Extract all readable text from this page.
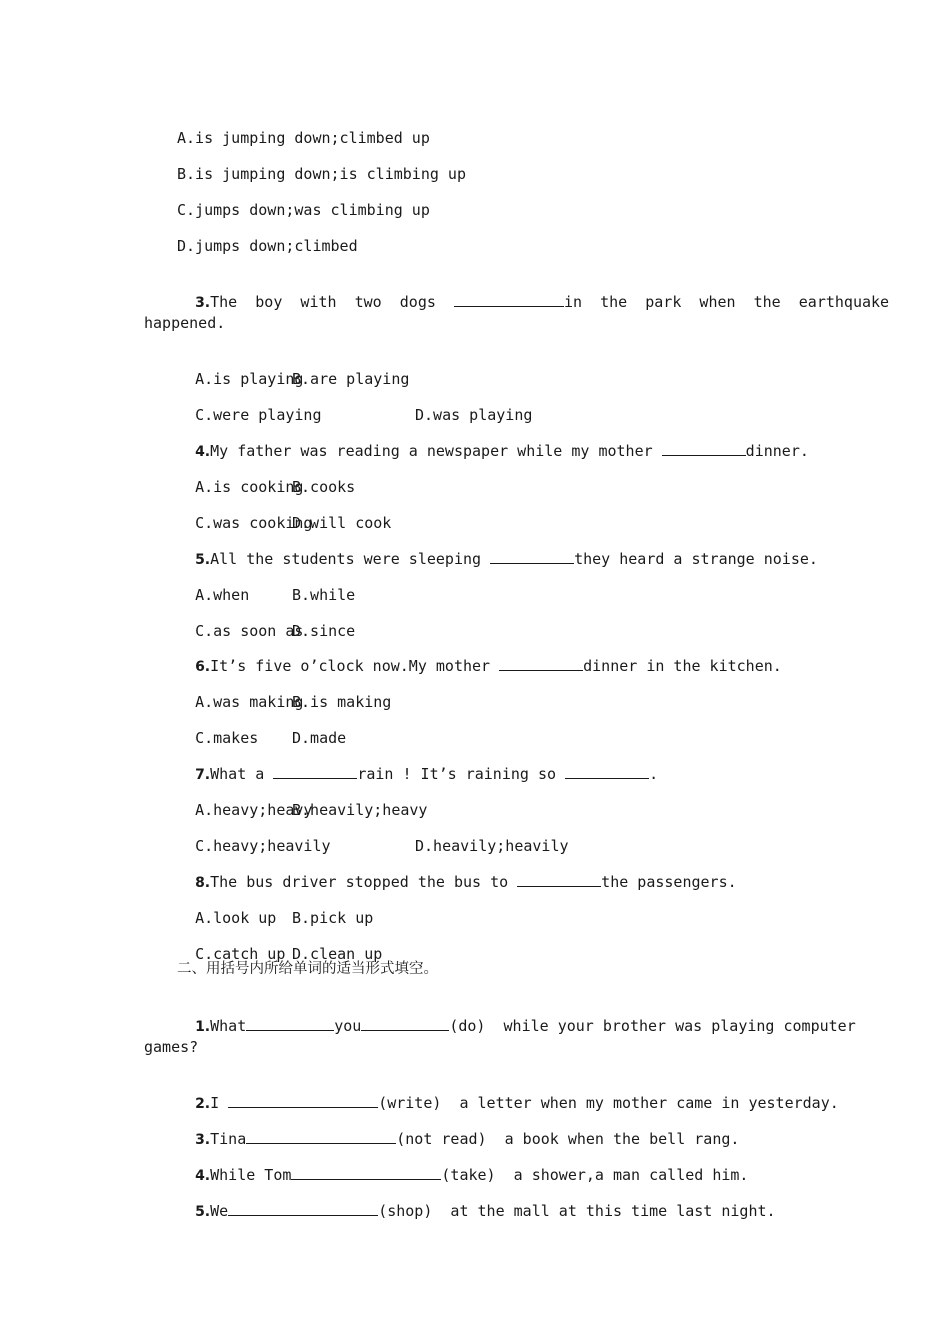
A.is jumping down;climbed up
B.is jumping down;is climbing up
C.jumps down;was climbing up
D.jumps down;climbed

3.The  boy  with  two  dogs	in  the  park  when  the  earthquake

happened.

A.is playing
B.are playing

C.were playing	D.was playing

4.My father was reading a newspaper while my mother	dinner.

A.is cooking
B.cooks

C.was cooking
D.will cook

5.All the students were sleeping	they heard a strange noise.

A.when	B.while

C.as soon as
D.since

6.It’s five o’clock now.My mother	dinner in the kitchen.

A.was making
B.is making

C.makes D.made

7.What a	rain ! It’s raining so	.

A.heavy;heavy
B.heavily;heavy

C.heavy;heavily	D.heavily;heavily

8.The bus driver stopped the bus to	the passengers.

A.look up B.pick up

C.catch up D.clean up

二、用括号内所给单词的适当形式填空。

1.What	you	(do)  while your brother was playing computer

games?

2.I	(write)  a letter when my mother came in yesterday.

3.Tina	(not read)  a book when the bell rang.

4.While Tom	(take)  a shower,a man called him.

5.We	(shop)  at the mall at this time last night.
